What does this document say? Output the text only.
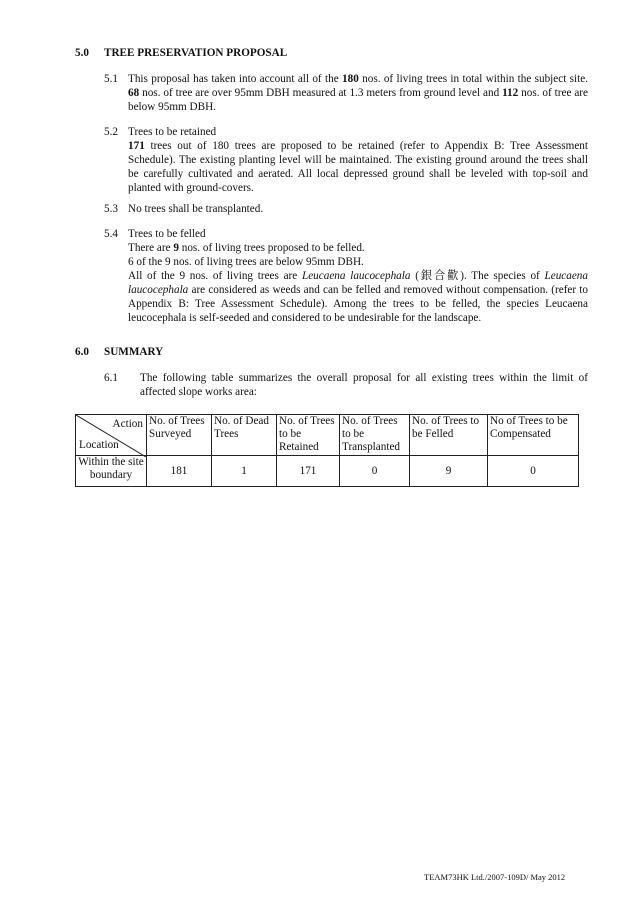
5.0 TREE PRESERVATION PROPOSAL
5.1 This proposal has taken into account all of the 180 nos. of living trees in total within the subject site. 68 nos. of tree are over 95mm DBH measured at 1.3 meters from ground level and 112 nos. of tree are below 95mm DBH.
5.2 Trees to be retained

171 trees out of 180 trees are proposed to be retained (refer to Appendix B: Tree Assessment Schedule). The existing planting level will be maintained. The existing ground around the trees shall be carefully cultivated and aerated. All local depressed ground shall be leveled with top-soil and planted with ground-covers.

5.3 No trees shall be transplanted.
5.4 Trees to be felled

There are 9 nos. of living trees proposed to be felled.

6 of the 9 nos. of living trees are below 95mm DBH.

All of the 9 nos. of living trees are Leucaena laucocephala (銀合歡). The species of Leucaena laucocephala are considered as weeds and can be felled and removed without compensation. (refer to Appendix B: Tree Assessment Schedule). Among the trees to be felled, the species Leucaena leucocephala is self-seeded and considered to be undesirable for the landscape.

6.0 SUMMARY
6.1 The following table summarizes the overall proposal for all existing trees within the limit of affected slope works area:
Action
Location	No. of Trees Surveyed	No. of Dead Trees	No. of Trees to be Retained	No. of Trees to be Transplanted	No. of Trees to be Felled	No of Trees to be Compensated
Within the site boundary	181	1	171	0	9	0
TEAM73HK Ltd./2007-109D/ May 2012
